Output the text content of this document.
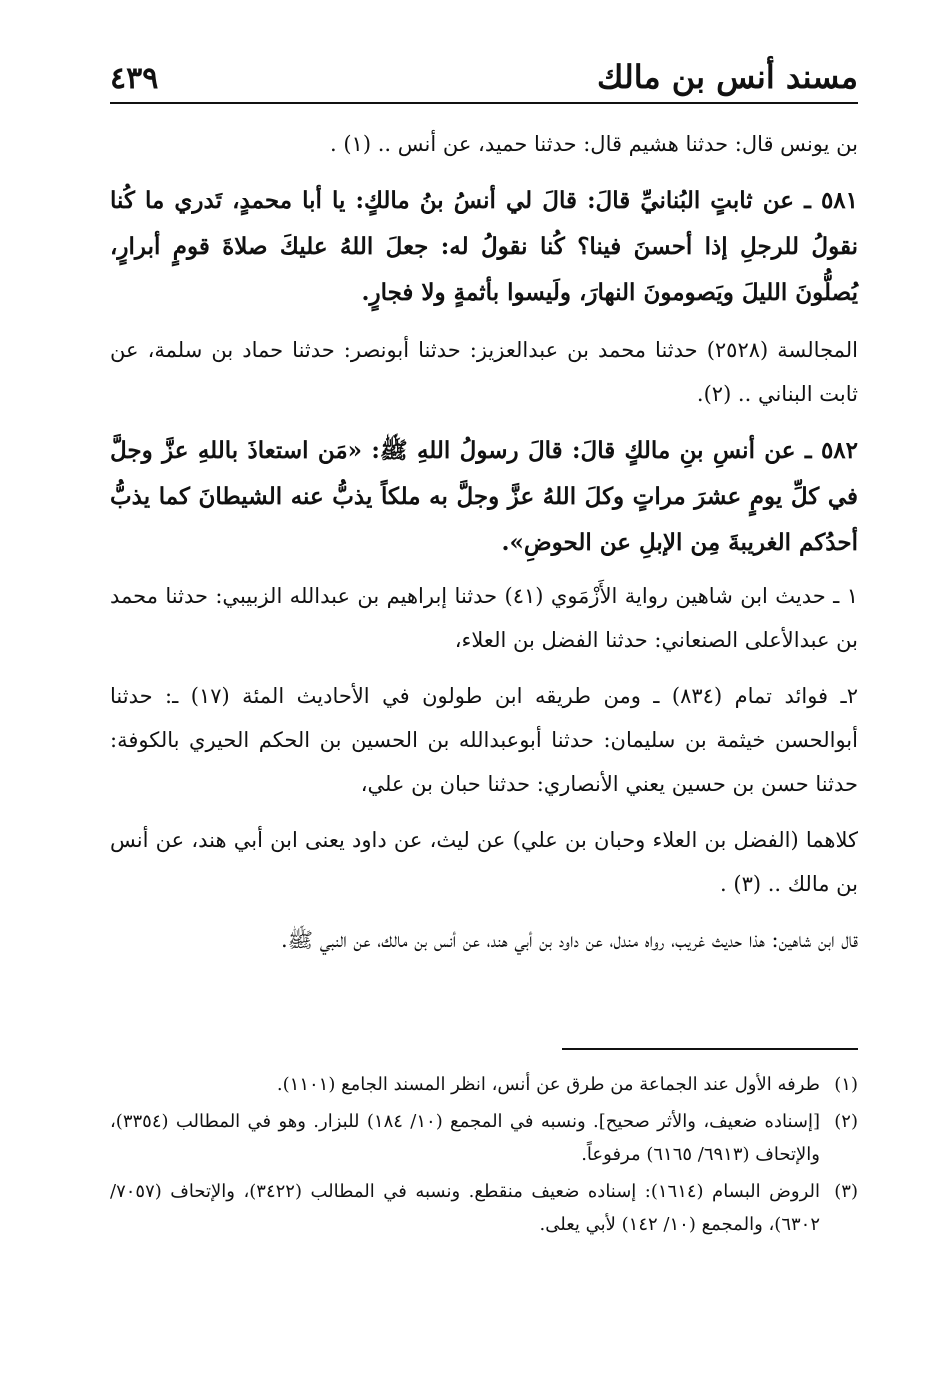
مسند أنس بن مالك
٤٣٩

بن يونس قال: حدثنا هشيم قال: حدثنا حميد، عن أنس .. (١) .

٥٨١ ـ عن ثابتٍ البُنانيِّ قالَ: قالَ لي أنسُ بنُ مالكٍ: يا أبا محمدٍ، تَدري ما كُنا نقولُ للرجلِ إذا أحسنَ فينا؟ كُنا نقولُ له: جعلَ اللهُ عليكَ صلاةَ قومٍ أبرارٍ، يُصلُّونَ الليلَ ويَصومونَ النهارَ، ولَيسوا بأثمةٍ ولا فجارٍ.

المجالسة (٢٥٢٨) حدثنا محمد بن عبدالعزيز: حدثنا أبونصر: حدثنا حماد بن سلمة، عن ثابت البناني .. (٢).

٥٨٢ ـ عن أنسِ بنِ مالكٍ قالَ: قالَ رسولُ اللهِ ﷺ: «مَن استعاذَ باللهِ عزَّ وجلَّ في كلِّ يومٍ عشرَ مراتٍ وكلَ اللهُ عزَّ وجلَّ به ملكاً يذبُّ عنه الشيطانَ كما يذبُّ أحدُكم الغريبةَ مِن الإبلِ عن الحوضِ».

١ ـ حديث ابن شاهين رواية الأَزْمَوي (٤١) حدثنا إبراهيم بن عبدالله الزبيبي: حدثنا محمد بن عبدالأعلى الصنعاني: حدثنا الفضل بن العلاء،

٢ـ فوائد تمام (٨٣٤) ـ ومن طريقه ابن طولون في الأحاديث المئة (١٧) ـ: حدثنا أبوالحسن خيثمة بن سليمان: حدثنا أبوعبدالله بن الحسين بن الحكم الحيري بالكوفة: حدثنا حسن بن حسين يعني الأنصاري: حدثنا حبان بن علي،

كلاهما (الفضل بن العلاء وحبان بن علي) عن ليث، عن داود يعنى ابن أبي هند، عن أنس بن مالك .. (٣) .

قال ابن شاهين: هذا حديث غريب، رواه مندل، عن داود بن أبي هند، عن أنس بن مالك، عن النبي ﷺ.

(١)
طرفه الأول عند الجماعة من طرق عن أنس، انظر المسند الجامع (١١٠١).
(٢)
[إسناده ضعيف، والأثر صحيح]. ونسبه في المجمع (١٠/ ١٨٤) للبزار. وهو في المطالب (٣٣٥٤)، والإتحاف (٦٩١٣/ ٦١٦٥) مرفوعاً.
(٣)
الروض البسام (١٦١٤): إسناده ضعيف منقطع. ونسبه في المطالب (٣٤٢٢)، والإتحاف (٧٠٥٧/ ٦٣٠٢)، والمجمع (١٠/ ١٤٢) لأبي يعلى.
